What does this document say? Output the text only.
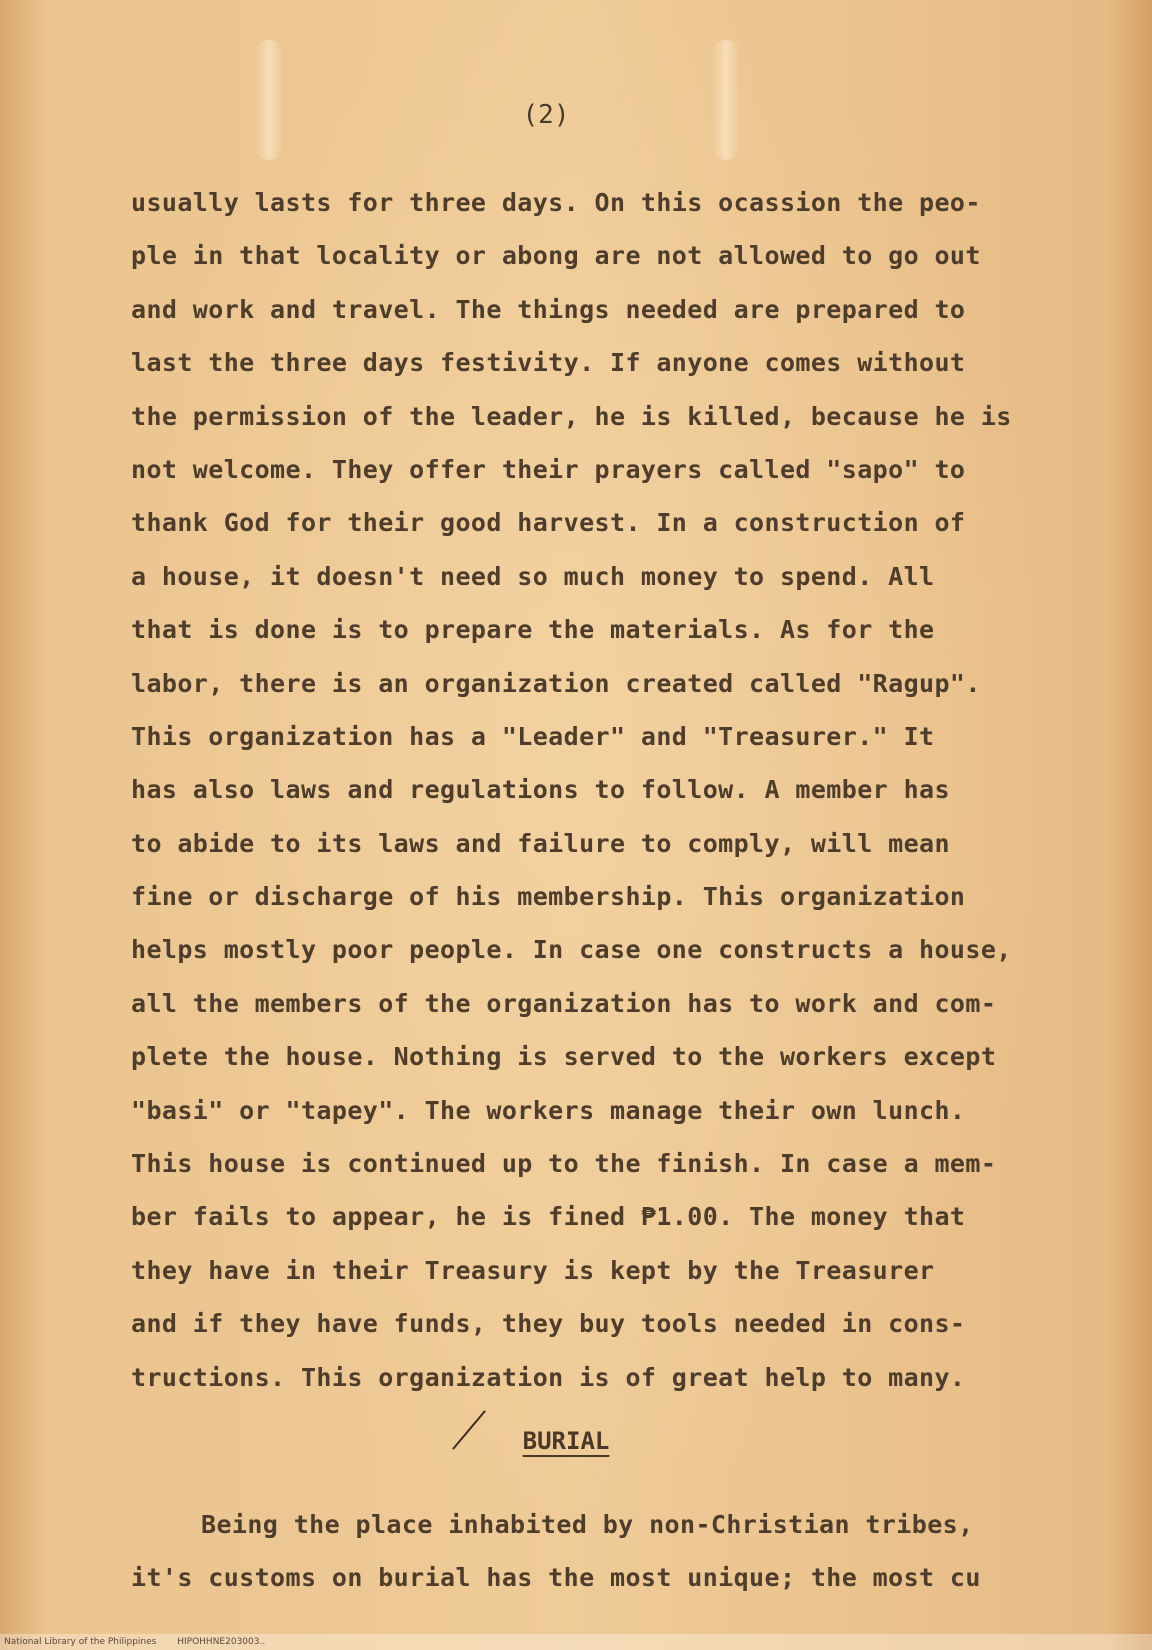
(2)
usually lasts for three days. On this ocassion the peo-
ple in that locality or abong are not allowed to go out
and work and travel. The things needed are prepared to
last the three days festivity. If anyone comes without
the permission of the leader, he is killed, because he is
not welcome. They offer their prayers called "sapo" to
thank God for their good harvest. In a construction of
a house, it doesn't need so much money to spend. All
that is done is to prepare the materials. As for the
labor, there is an organization created called "Ragup".
This organization has a "Leader" and "Treasurer." It
has also laws and regulations to follow. A member has
to abide to its laws and failure to comply, will mean
fine or discharge of his membership. This organization
helps mostly poor people. In case one constructs a house,
all the members of the organization has to work and com-
plete the house. Nothing is served to the workers except
"basi" or "tapey". The workers manage their own lunch.
This house is continued up to the finish. In case a mem-
ber fails to appear, he is fined ₱1.00. The money that
they have in their Treasury is kept by the Treasurer
and if they have funds, they buy tools needed in cons-
tructions. This organization is of great help to many.
BURIAL
Being the place inhabited by non-Christian tribes,
it's customs on burial has the most unique; the most cu
National Library of the Philippines HIPOHHNE203003..
